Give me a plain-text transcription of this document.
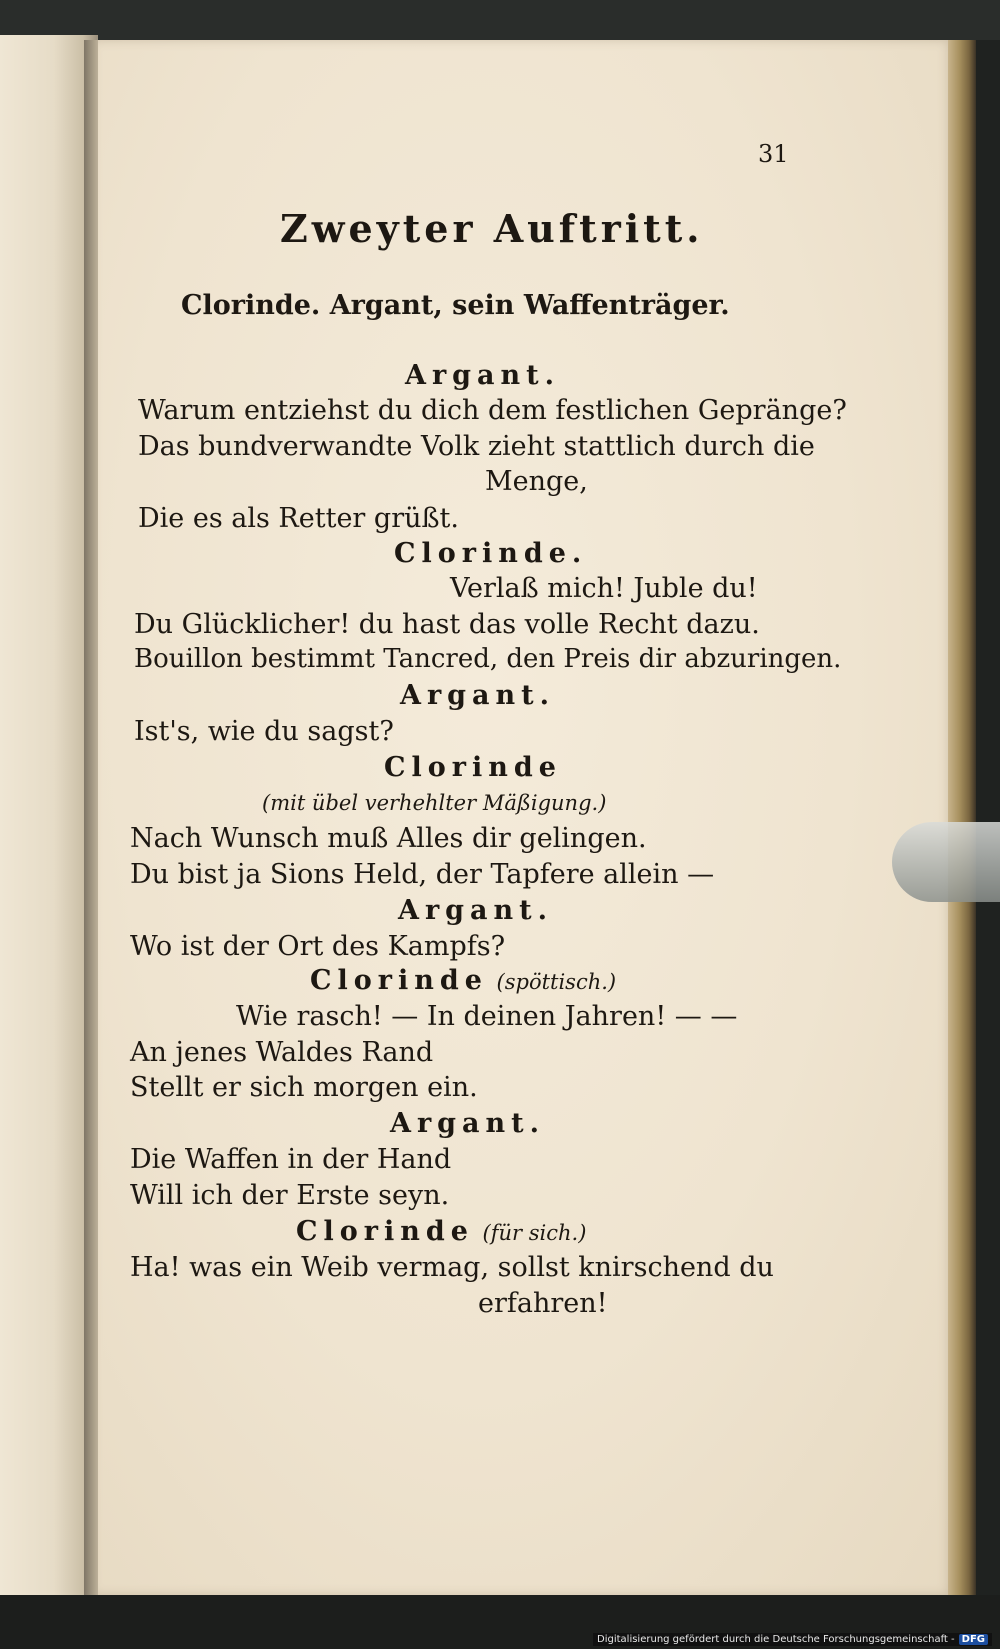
31
Zweyter Auftritt.
Clorinde. Argant, sein Waffenträger.
Argant.
Warum entziehst du dich dem festlichen Gepränge?
Das bundverwandte Volk zieht stattlich durch die
Menge,
Die es als Retter grüßt.
Clorinde.
Verlaß mich! Juble du!
Du Glücklicher! du hast das volle Recht dazu.
Bouillon bestimmt Tancred, den Preis dir abzuringen.
Argant.
Ist's, wie du sagst?
Clorinde
(mit übel verhehlter Mäßigung.)
Nach Wunsch muß Alles dir gelingen.
Du bist ja Sions Held, der Tapfere allein —
Argant.
Wo ist der Ort des Kampfs?
Clorinde (spöttisch.)
Wie rasch! — In deinen Jahren! — —
An jenes Waldes Rand
Stellt er sich morgen ein.
Argant.
Die Waffen in der Hand
Will ich der Erste seyn.
Clorinde (für sich.)
Ha! was ein Weib vermag, sollst knirschend du
erfahren!
Digitalisierung gefördert durch die Deutsche Forschungsgemeinschaft - DFG
